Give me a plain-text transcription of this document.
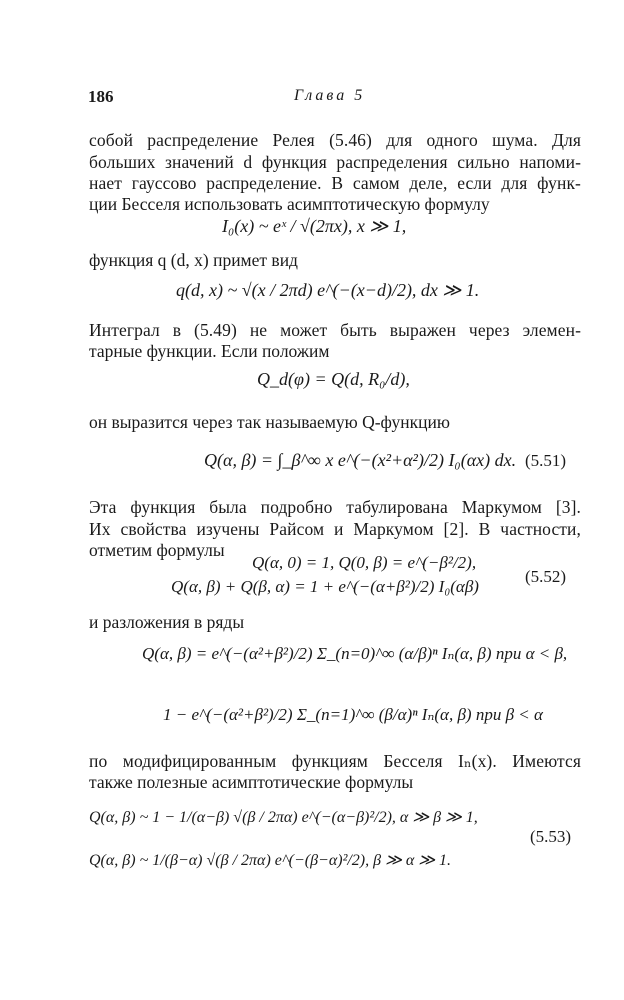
186	Глава 5
собой распределение Релея (5.46) для одного шума. Для
больших значений d функция распределения сильно напоми-
нает гауссово распределение. В самом деле, если для функ-
ции Бесселя использовать асимптотическую формулу
I₀(x) ~ eˣ / √(2πx), x ≫ 1,
функция q (d, x) примет вид
q(d, x) ~ √(x / 2πd) e^(−(x−d)/2), dx ≫ 1.
Интеграл в (5.49) не может быть выражен через элемен-
тарные функции. Если положим
Q_d(φ) = Q(d, R₀/d),
он выразится через так называемую Q-функцию
Q(α, β) = ∫_β^∞ x e^(−(x²+α²)/2) I₀(αx) dx. (5.51)
Эта функция была подробно табулирована Маркумом [3].
Их свойства изучены Райсом и Маркумом [2]. В частности,
отметим формулы
Q(α, 0) = 1, Q(0, β) = e^(−β²/2),
Q(α, β) + Q(β, α) = 1 + e^(−(α+β²)/2) I₀(αβ)
(5.52)
и разложения в ряды
Q(α, β) = e^(−(α²+β²)/2) Σ_(n=0)^∞ (α/β)ⁿ Iₙ(α, β) при α < β,
1 − e^(−(α²+β²)/2) Σ_(n=1)^∞ (β/α)ⁿ Iₙ(α, β) при β < α
по модифицированным функциям Бесселя Iₙ(x). Имеются
также полезные асимптотические формулы
Q(α, β) ~ 1 − 1/(α−β) √(β / 2πα) e^(−(α−β)²/2), α ≫ β ≫ 1,
Q(α, β) ~ 1/(β−α) √(β / 2πα) e^(−(β−α)²/2), β ≫ α ≫ 1.
(5.53)
